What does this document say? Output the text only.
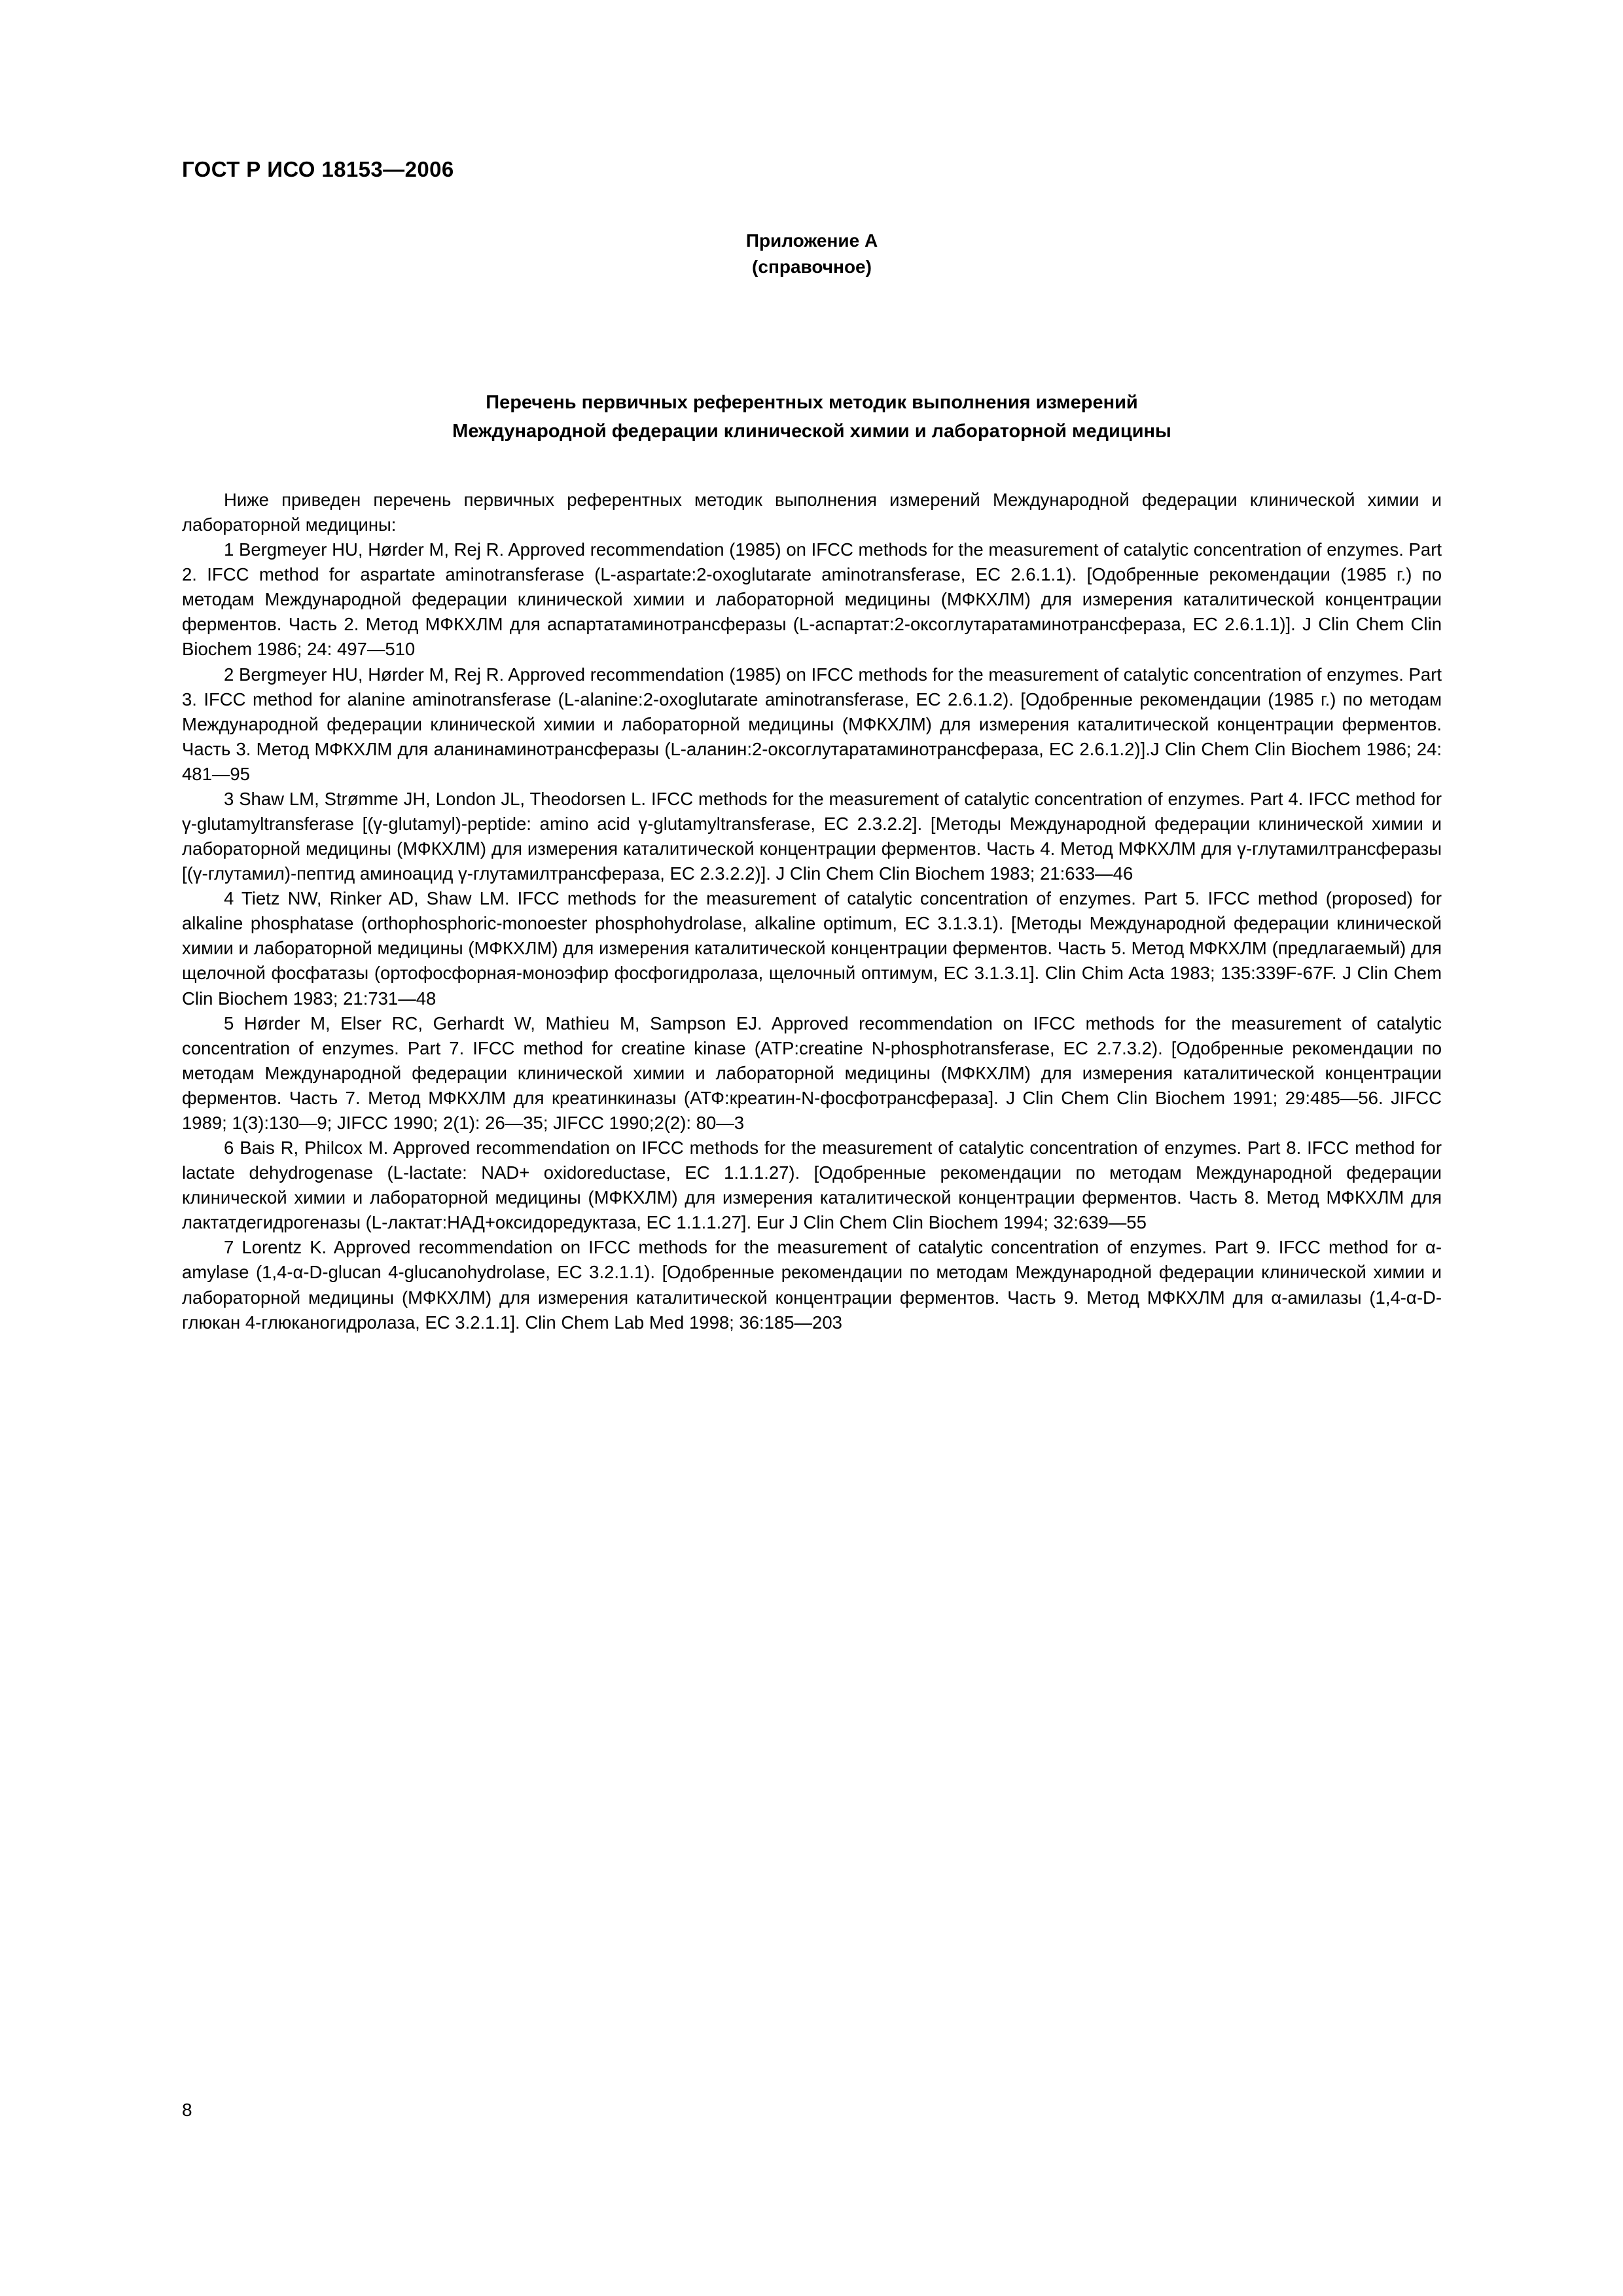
ГОСТ Р ИСО 18153—2006
Приложение А
(справочное)
Перечень первичных референтных методик выполнения измерений
Международной федерации клинической химии и лабораторной медицины

Ниже приведен перечень первичных референтных методик выполнения измерений Международной федерации клинической химии и лабораторной медицины:

1 Bergmeyer HU, Hørder M, Rej R. Approved recommendation (1985) on IFCC methods for the measurement of catalytic concentration of enzymes. Part 2. IFCC method for aspartate aminotransferase (L-aspartate:2-oxoglutarate aminotransferase, EC 2.6.1.1). [Одобренные рекомендации (1985 г.) по методам Международной федерации клинической химии и лабораторной медицины (МФКХЛМ) для измерения каталитической концентрации ферментов. Часть 2. Метод МФКХЛМ для аспартатаминотрансферазы (L-аспартат:2-оксоглутаратаминотрансфераза, EC 2.6.1.1)]. J Clin Chem Clin Biochem 1986; 24: 497—510

2 Bergmeyer HU, Hørder M, Rej R. Approved recommendation (1985) on IFCC methods for the measurement of catalytic concentration of enzymes. Part 3. IFCC method for alanine aminotransferase (L-alanine:2-oxoglutarate aminotransferase, EC 2.6.1.2). [Одобренные рекомендации (1985 г.) по методам Международной федерации клинической химии и лабораторной медицины (МФКХЛМ) для измерения каталитической концентрации ферментов. Часть 3. Метод МФКХЛМ для аланинаминотрансферазы (L-аланин:2-оксоглутаратаминотрансфераза, EC 2.6.1.2)].J Clin Chem Clin Biochem 1986; 24: 481—95

3 Shaw LM, Strømme JH, London JL, Theodorsen L. IFCC methods for the measurement of catalytic concentration of enzymes. Part 4. IFCC method for γ-glutamyltransferase [(γ-glutamyl)-peptide: amino acid γ-glutamyltransferase, EC 2.3.2.2]. [Методы Международной федерации клинической химии и лабораторной медицины (МФКХЛМ) для измерения каталитической концентрации ферментов. Часть 4. Метод МФКХЛМ для γ-глутамилтрансферазы [(γ-глутамил)-пептид аминоацид γ-глутамилтрансфераза, EC 2.3.2.2)]. J Clin Chem Clin Biochem 1983; 21:633—46

4 Tietz NW, Rinker AD, Shaw LM. IFCC methods for the measurement of catalytic concentration of enzymes. Part 5. IFCC method (proposed) for alkaline phosphatase (orthophosphoric-monoester phosphohydrolase, alkaline optimum, EC 3.1.3.1). [Методы Международной федерации клинической химии и лабораторной медицины (МФКХЛМ) для измерения каталитической концентрации ферментов. Часть 5. Метод МФКХЛМ (предлагаемый) для щелочной фосфатазы (ортофосфорная-моноэфир фосфогидролаза, щелочный оптимум, EC 3.1.3.1]. Clin Chim Acta 1983; 135:339F-67F. J Clin Chem Clin Biochem 1983; 21:731—48

5 Hørder M, Elser RC, Gerhardt W, Mathieu M, Sampson EJ. Approved recommendation on IFCC methods for the measurement of catalytic concentration of enzymes. Part 7. IFCC method for creatine kinase (ATP:creatine N-phosphotransferase, EC 2.7.3.2). [Одобренные рекомендации по методам Международной федерации клинической химии и лабораторной медицины (МФКХЛМ) для измерения каталитической концентрации ферментов. Часть 7. Метод МФКХЛМ для креатинкиназы (АТФ:креатин-N-фосфотрансфераза]. J Clin Chem Clin Biochem 1991; 29:485—56. JIFCC 1989; 1(3):130—9; JIFCC 1990; 2(1): 26—35; JIFCC 1990;2(2): 80—3

6 Bais R, Philcox M. Approved recommendation on IFCC methods for the measurement of catalytic concentration of enzymes. Part 8. IFCC method for lactate dehydrogenase (L-lactate: NAD+ oxidoreductase, EC 1.1.1.27). [Одобренные рекомендации по методам Международной федерации клинической химии и лабораторной медицины (МФКХЛМ) для измерения каталитической концентрации ферментов. Часть 8. Метод МФКХЛМ для лактатдегидрогеназы (L-лактат:НАД+оксидоредуктаза, EC 1.1.1.27]. Eur J Clin Chem Clin Biochem 1994; 32:639—55

7 Lorentz K. Approved recommendation on IFCC methods for the measurement of catalytic concentration of enzymes. Part 9. IFCC method for α-amylase (1,4-α-D-glucan 4-glucanohydrolase, EC 3.2.1.1). [Одобренные рекомендации по методам Международной федерации клинической химии и лабораторной медицины (МФКХЛМ) для измерения каталитической концентрации ферментов. Часть 9. Метод МФКХЛМ для α-амилазы (1,4-α-D-глюкан 4-глюканогидролаза, EC 3.2.1.1]. Clin Chem Lab Med 1998; 36:185—203

8
